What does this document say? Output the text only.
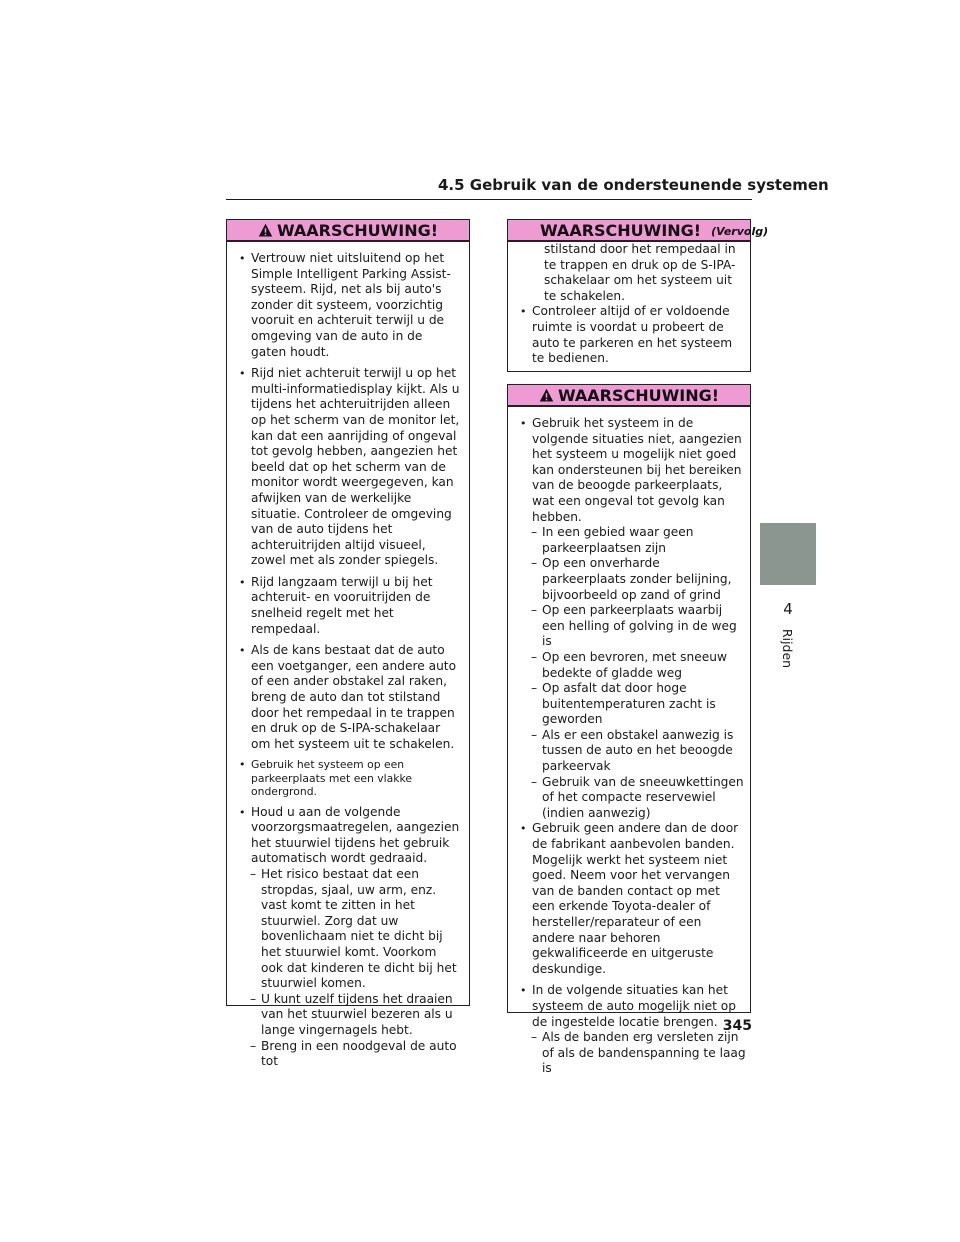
4.5 Gebruik van de ondersteunende systemen
WAARSCHUWING!
• Vertrouw niet uitsluitend op het Simple Intelligent Parking Assist-systeem. Rijd, net als bij auto's zonder dit systeem, voorzichtig vooruit en achteruit terwijl u de omgeving van de auto in de gaten houdt.
• Rijd niet achteruit terwijl u op het multi-informatiedisplay kijkt. Als u tijdens het achteruitrijden alleen op het scherm van de monitor let, kan dat een aanrijding of ongeval tot gevolg hebben, aangezien het beeld dat op het scherm van de monitor wordt weergegeven, kan afwijken van de werkelijke situatie. Controleer de omgeving van de auto tijdens het achteruitrijden altijd visueel, zowel met als zonder spiegels.
• Rijd langzaam terwijl u bij het achteruit- en vooruitrijden de snelheid regelt met het rempedaal.
• Als de kans bestaat dat de auto een voetganger, een andere auto of een ander obstakel zal raken, breng de auto dan tot stilstand door het rempedaal in te trappen en druk op de S-IPA-schakelaar om het systeem uit te schakelen.
• Gebruik het systeem op een parkeerplaats met een vlakke ondergrond.
• Houd u aan de volgende voorzorgsmaatregelen, aangezien het stuurwiel tijdens het gebruik automatisch wordt gedraaid.
– Het risico bestaat dat een stropdas, sjaal, uw arm, enz. vast komt te zitten in het stuurwiel. Zorg dat uw bovenlichaam niet te dicht bij het stuurwiel komt. Voorkom ook dat kinderen te dicht bij het stuurwiel komen.
– U kunt uzelf tijdens het draaien van het stuurwiel bezeren als u lange vingernagels hebt.
– Breng in een noodgeval de auto tot
WAARSCHUWING! (Vervolg)
stilstand door het rempedaal in te trappen en druk op de S-IPA-schakelaar om het systeem uit te schakelen.
• Controleer altijd of er voldoende ruimte is voordat u probeert de auto te parkeren en het systeem te bedienen.
WAARSCHUWING!
• Gebruik het systeem in de volgende situaties niet, aangezien het systeem u mogelijk niet goed kan ondersteunen bij het bereiken van de beoogde parkeerplaats, wat een ongeval tot gevolg kan hebben.
– In een gebied waar geen parkeerplaatsen zijn
– Op een onverharde parkeerplaats zonder belijning, bijvoorbeeld op zand of grind
– Op een parkeerplaats waarbij een helling of golving in de weg is
– Op een bevroren, met sneeuw bedekte of gladde weg
– Op asfalt dat door hoge buitentemperaturen zacht is geworden
– Als er een obstakel aanwezig is tussen de auto en het beoogde parkeervak
– Gebruik van de sneeuwkettingen of het compacte reservewiel (indien aanwezig)
• Gebruik geen andere dan de door de fabrikant aanbevolen banden. Mogelijk werkt het systeem niet goed. Neem voor het vervangen van de banden contact op met een erkende Toyota-dealer of hersteller/reparateur of een andere naar behoren gekwalificeerde en uitgeruste deskundige.
• In de volgende situaties kan het systeem de auto mogelijk niet op de ingestelde locatie brengen.
– Als de banden erg versleten zijn of als de bandenspanning te laag is
4
Rijden
345
